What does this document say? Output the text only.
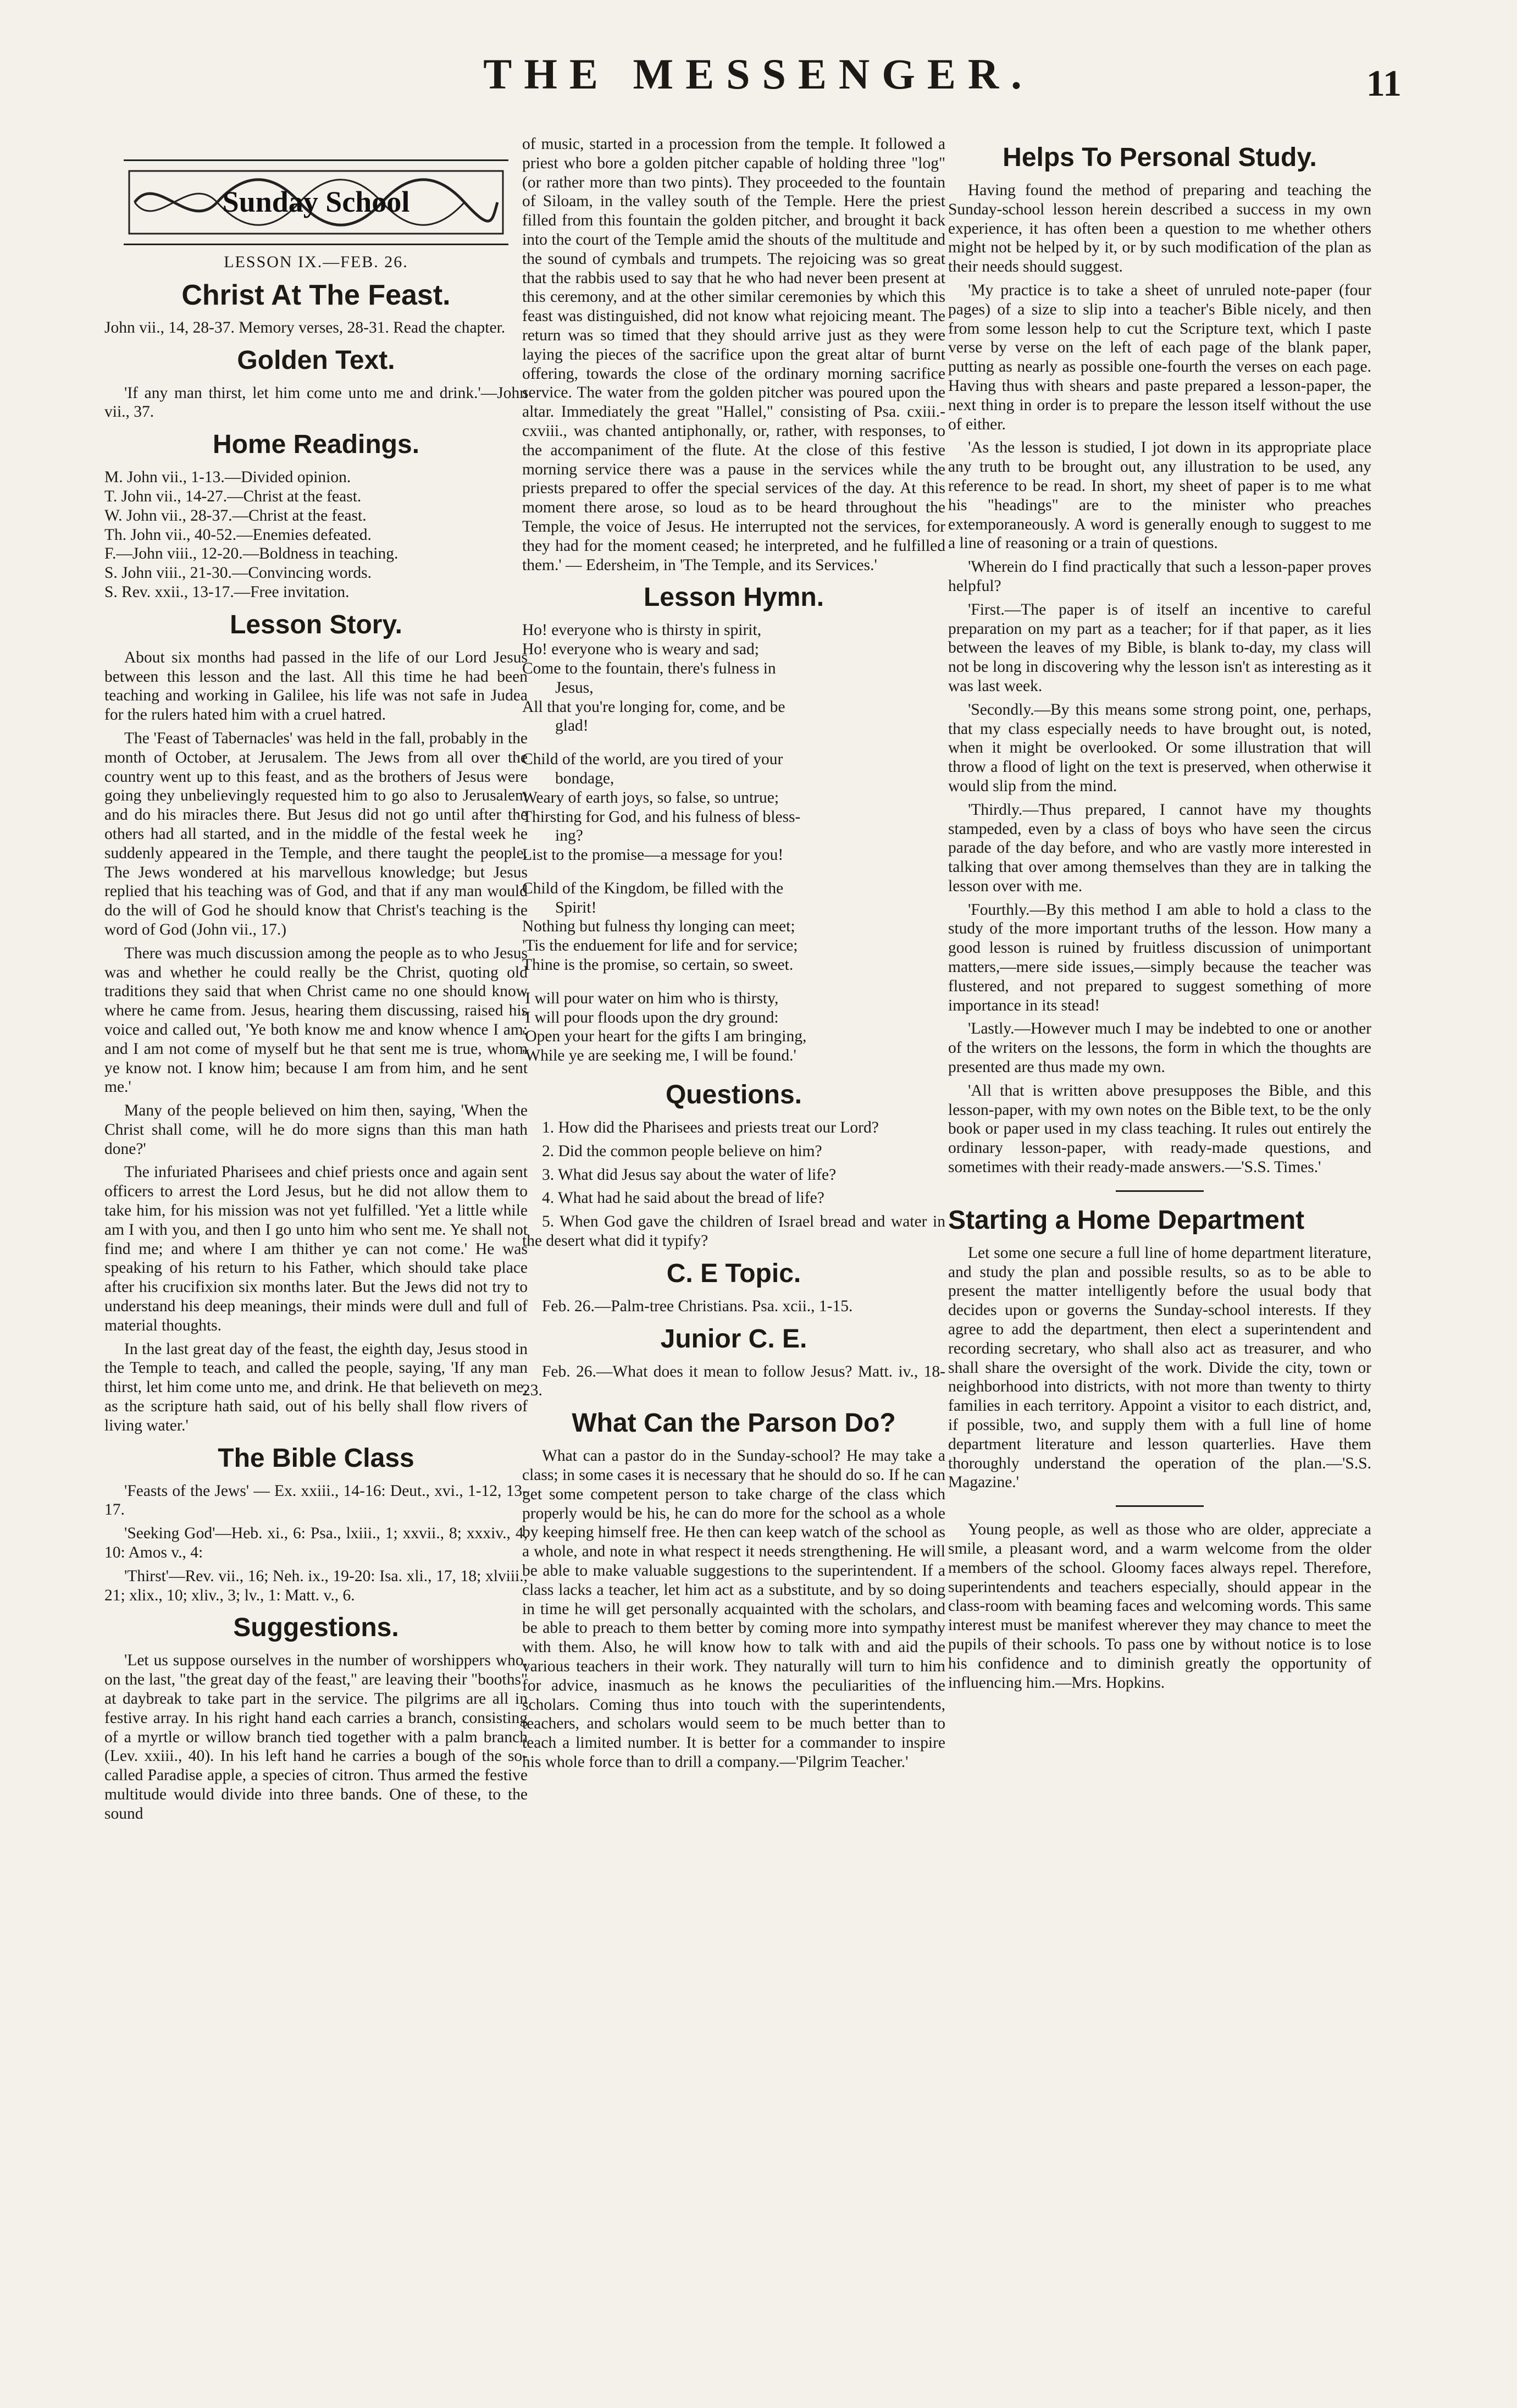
THE MESSENGER.	11
Sunday School
LESSON IX.—FEB. 26.
Christ At The Feast.

John vii., 14, 28-37. Memory verses, 28-31. Read the chapter.

Golden Text.

'If any man thirst, let him come unto me and drink.'—John vii., 37.

Home Readings.
M. John vii., 1-13.—Divided opinion.
T. John vii., 14-27.—Christ at the feast.
W. John vii., 28-37.—Christ at the feast.
Th. John vii., 40-52.—Enemies defeated.
F.—John viii., 12-20.—Boldness in teaching.
S. John viii., 21-30.—Convincing words.
S. Rev. xxii., 13-17.—Free invitation.
Lesson Story.

About six months had passed in the life of our Lord Jesus between this lesson and the last. All this time he had been teaching and working in Galilee, his life was not safe in Judea for the rulers hated him with a cruel hatred.

The 'Feast of Tabernacles' was held in the fall, probably in the month of October, at Jerusalem. The Jews from all over the country went up to this feast, and as the brothers of Jesus were going they unbelievingly requested him to go also to Jerusalem and do his miracles there. But Jesus did not go until after the others had all started, and in the middle of the festal week he suddenly appeared in the Temple, and there taught the people. The Jews wondered at his marvellous knowledge; but Jesus replied that his teaching was of God, and that if any man would do the will of God he should know that Christ's teaching is the word of God (John vii., 17.)

There was much discussion among the people as to who Jesus was and whether he could really be the Christ, quoting old traditions they said that when Christ came no one should know where he came from. Jesus, hearing them discussing, raised his voice and called out, 'Ye both know me and know whence I am: and I am not come of myself but he that sent me is true, whom ye know not. I know him; because I am from him, and he sent me.'

Many of the people believed on him then, saying, 'When the Christ shall come, will he do more signs than this man hath done?'

The infuriated Pharisees and chief priests once and again sent officers to arrest the Lord Jesus, but he did not allow them to take him, for his mission was not yet fulfilled. 'Yet a little while am I with you, and then I go unto him who sent me. Ye shall not find me; and where I am thither ye can not come.' He was speaking of his return to his Father, which should take place after his crucifixion six months later. But the Jews did not try to understand his deep meanings, their minds were dull and full of material thoughts.

In the last great day of the feast, the eighth day, Jesus stood in the Temple to teach, and called the people, saying, 'If any man thirst, let him come unto me, and drink. He that believeth on me, as the scripture hath said, out of his belly shall flow rivers of living water.'

The Bible Class

'Feasts of the Jews' — Ex. xxiii., 14-16: Deut., xvi., 1-12, 13-17.

'Seeking God'—Heb. xi., 6: Psa., lxiii., 1; xxvii., 8; xxxiv., 4, 10: Amos v., 4:

'Thirst'—Rev. vii., 16; Neh. ix., 19-20: Isa. xli., 17, 18; xlviii., 21; xlix., 10; xliv., 3; lv., 1: Matt. v., 6.

Suggestions.

'Let us suppose ourselves in the number of worshippers who, on the last, "the great day of the feast," are leaving their "booths" at daybreak to take part in the service. The pilgrims are all in festive array. In his right hand each carries a branch, consisting of a myrtle or willow branch tied together with a palm branch (Lev. xxiii., 40). In his left hand he carries a bough of the so-called Paradise apple, a species of citron. Thus armed the festive multitude would divide into three bands. One of these, to the sound

of music, started in a procession from the temple. It followed a priest who bore a golden pitcher capable of holding three "log" (or rather more than two pints). They proceeded to the fountain of Siloam, in the valley south of the Temple. Here the priest filled from this fountain the golden pitcher, and brought it back into the court of the Temple amid the shouts of the multitude and the sound of cymbals and trumpets. The rejoicing was so great that the rabbis used to say that he who had never been present at this ceremony, and at the other similar ceremonies by which this feast was distinguished, did not know what rejoicing meant. The return was so timed that they should arrive just as they were laying the pieces of the sacrifice upon the great altar of burnt offering, towards the close of the ordinary morning sacrifice service. The water from the golden pitcher was poured upon the altar. Immediately the great "Hallel," consisting of Psa. cxiii.-cxviii., was chanted antiphonally, or, rather, with responses, to the accompaniment of the flute. At the close of this festive morning service there was a pause in the services while the priests prepared to offer the special services of the day. At this moment there arose, so loud as to be heard throughout the Temple, the voice of Jesus. He interrupted not the services, for they had for the moment ceased; he interpreted, and he fulfilled them.' — Edersheim, in 'The Temple, and its Services.'

Lesson Hymn.
Ho! everyone who is thirsty in spirit,
Ho! everyone who is weary and sad;
Come to the fountain, there's fulness in
Jesus,
All that you're longing for, come, and be
glad!
Child of the world, are you tired of your
bondage,
Weary of earth joys, so false, so untrue;
Thirsting for God, and his fulness of bless-
ing?
List to the promise—a message for you!
Child of the Kingdom, be filled with the
Spirit!
Nothing but fulness thy longing can meet;
'Tis the enduement for life and for service;
Thine is the promise, so certain, so sweet.
'I will pour water on him who is thirsty,
'I will pour floods upon the dry ground:
'Open your heart for the gifts I am bringing,
'While ye are seeking me, I will be found.'
Questions.

1. How did the Pharisees and priests treat our Lord?

2. Did the common people believe on him?

3. What did Jesus say about the water of life?

4. What had he said about the bread of life?

5. When God gave the children of Israel bread and water in the desert what did it typify?

C. E Topic.

Feb. 26.—Palm-tree Christians. Psa. xcii., 1-15.

Junior C. E.

Feb. 26.—What does it mean to follow Jesus? Matt. iv., 18-23.

What Can the Parson Do?

What can a pastor do in the Sunday-school? He may take a class; in some cases it is necessary that he should do so. If he can get some competent person to take charge of the class which properly would be his, he can do more for the school as a whole by keeping himself free. He then can keep watch of the school as a whole, and note in what respect it needs strengthening. He will be able to make valuable suggestions to the superintendent. If a class lacks a teacher, let him act as a substitute, and by so doing in time he will get personally acquainted with the scholars, and be able to preach to them better by coming more into sympathy with them. Also, he will know how to talk with and aid the various teachers in their work. They naturally will turn to him for advice, inasmuch as he knows the peculiarities of the scholars. Coming thus into touch with the superintendents, teachers, and scholars would seem to be much better than to teach a limited number. It is better for a commander to inspire his whole force than to drill a company.—'Pilgrim Teacher.'

Helps To Personal Study.

Having found the method of preparing and teaching the Sunday-school lesson herein described a success in my own experience, it has often been a question to me whether others might not be helped by it, or by such modification of the plan as their needs should suggest.

'My practice is to take a sheet of unruled note-paper (four pages) of a size to slip into a teacher's Bible nicely, and then from some lesson help to cut the Scripture text, which I paste verse by verse on the left of each page of the blank paper, putting as nearly as possible one-fourth the verses on each page. Having thus with shears and paste prepared a lesson-paper, the next thing in order is to prepare the lesson itself without the use of either.

'As the lesson is studied, I jot down in its appropriate place any truth to be brought out, any illustration to be used, any reference to be read. In short, my sheet of paper is to me what his "headings" are to the minister who preaches extemporaneously. A word is generally enough to suggest to me a line of reasoning or a train of questions.

'Wherein do I find practically that such a lesson-paper proves helpful?

'First.—The paper is of itself an incentive to careful preparation on my part as a teacher; for if that paper, as it lies between the leaves of my Bible, is blank to-day, my class will not be long in discovering why the lesson isn't as interesting as it was last week.

'Secondly.—By this means some strong point, one, perhaps, that my class especially needs to have brought out, is noted, when it might be overlooked. Or some illustration that will throw a flood of light on the text is preserved, when otherwise it would slip from the mind.

'Thirdly.—Thus prepared, I cannot have my thoughts stampeded, even by a class of boys who have seen the circus parade of the day before, and who are vastly more interested in talking that over among themselves than they are in talking the lesson over with me.

'Fourthly.—By this method I am able to hold a class to the study of the more important truths of the lesson. How many a good lesson is ruined by fruitless discussion of unimportant matters,—mere side issues,—simply because the teacher was flustered, and not prepared to suggest something of more importance in its stead!

'Lastly.—However much I may be indebted to one or another of the writers on the lessons, the form in which the thoughts are presented are thus made my own.

'All that is written above presupposes the Bible, and this lesson-paper, with my own notes on the Bible text, to be the only book or paper used in my class teaching. It rules out entirely the ordinary lesson-paper, with ready-made questions, and sometimes with their ready-made answers.—'S.S. Times.'

Starting a Home Department

Let some one secure a full line of home department literature, and study the plan and possible results, so as to be able to present the matter intelligently before the usual body that decides upon or governs the Sunday-school interests. If they agree to add the department, then elect a superintendent and recording secretary, who shall also act as treasurer, and who shall share the oversight of the work. Divide the city, town or neighborhood into districts, with not more than twenty to thirty families in each territory. Appoint a visitor to each district, and, if possible, two, and supply them with a full line of home department literature and lesson quarterlies. Have them thoroughly understand the operation of the plan.—'S.S. Magazine.'

Young people, as well as those who are older, appreciate a smile, a pleasant word, and a warm welcome from the older members of the school. Gloomy faces always repel. Therefore, superintendents and teachers especially, should appear in the class-room with beaming faces and welcoming words. This same interest must be manifest wherever they may chance to meet the pupils of their schools. To pass one by without notice is to lose his confidence and to diminish greatly the opportunity of influencing him.—Mrs. Hopkins.
